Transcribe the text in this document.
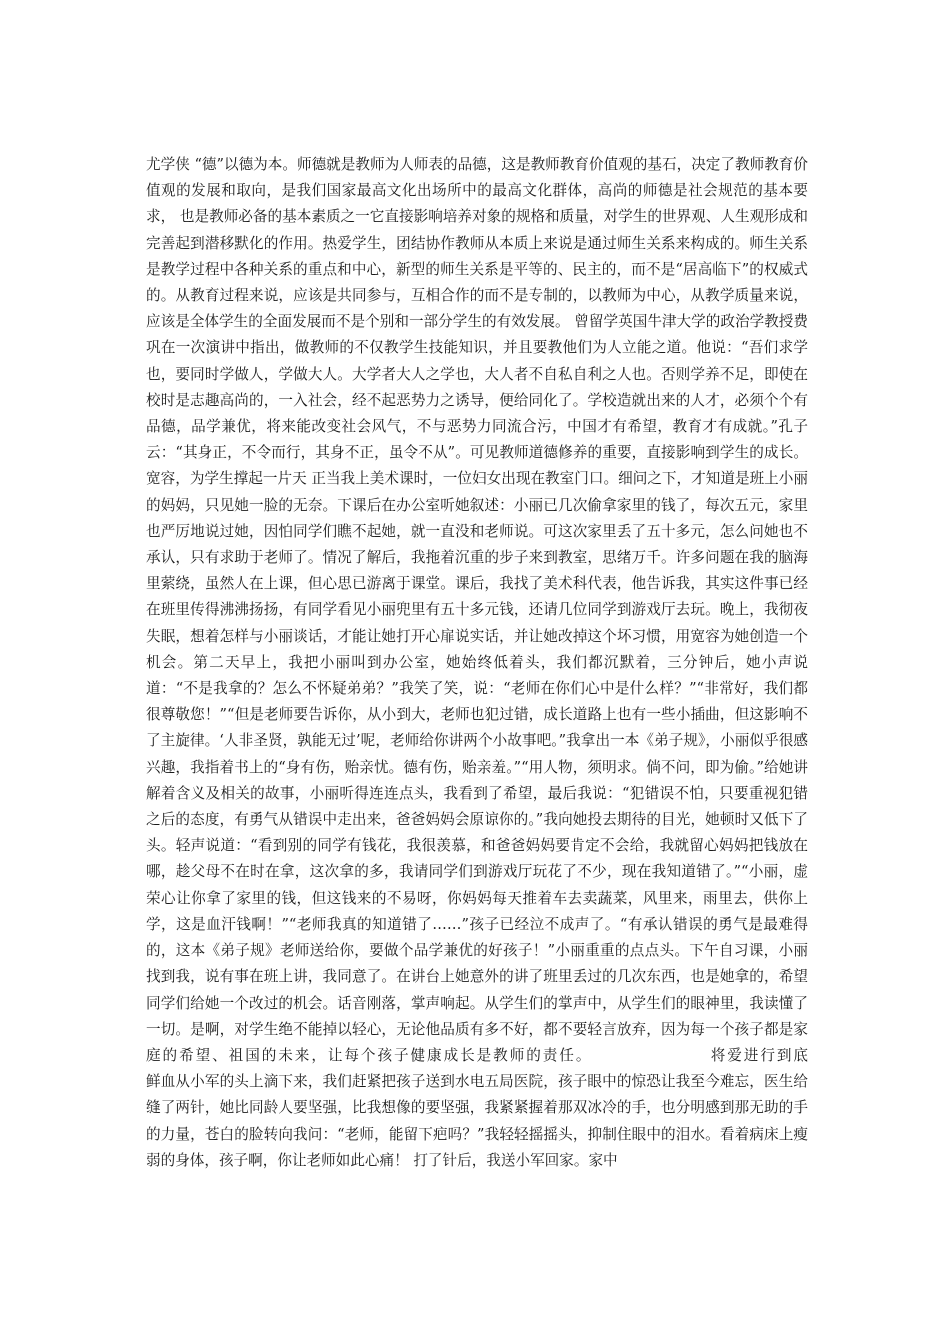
尤学侠 “德”以德为本。师德就是教师为人师表的品德，这是教师教育价值观的基石，决定了教师教育价值观的发展和取向，是我们国家最高文化出场所中的最高文化群体，高尚的师德是社会规范的基本要求， 也是教师必备的基本素质之一它直接影响培养对象的规格和质量，对学生的世界观、人生观形成和完善起到潜移默化的作用。热爱学生，团结协作教师从本质上来说是通过师生关系来构成的。师生关系是教学过程中各种关系的重点和中心，新型的师生关系是平等的、民主的，而不是“居高临下”的权威式的。从教育过程来说，应该是共同参与，互相合作的而不是专制的，以教师为中心，从教学质量来说，应该是全体学生的全面发展而不是个别和一部分学生的有效发展。 曾留学英国牛津大学的政治学教授费巩在一次演讲中指出，做教师的不仅教学生技能知识，并且要教他们为人立能之道。他说：“吾们求学也，要同时学做人，学做大人。大学者大人之学也，大人者不自私自利之人也。否则学养不足，即使在校时是志趣高尚的，一入社会，经不起恶势力之诱导，便给同化了。学校造就出来的人才，必须个个有品德，品学兼优，将来能改变社会风气，不与恶势力同流合污，中国才有希望，教育才有成就。”孔子云：“其身正，不令而行，其身不正，虽令不从”。可见教师道德修养的重要，直接影响到学生的成长。 宽容，为学生撑起一片天 正当我上美术课时，一位妇女出现在教室门口。细问之下，才知道是班上小丽的妈妈，只见她一脸的无奈。下课后在办公室听她叙述：小丽已几次偷拿家里的钱了，每次五元，家里也严厉地说过她，因怕同学们瞧不起她，就一直没和老师说。可这次家里丢了五十多元，怎么问她也不承认，只有求助于老师了。情况了解后，我拖着沉重的步子来到教室，思绪万千。许多问题在我的脑海里萦绕，虽然人在上课，但心思已游离于课堂。课后，我找了美术科代表，他告诉我，其实这件事已经在班里传得沸沸扬扬，有同学看见小丽兜里有五十多元钱，还请几位同学到游戏厅去玩。晚上，我彻夜失眠，想着怎样与小丽谈话，才能让她打开心扉说实话，并让她改掉这个坏习惯，用宽容为她创造一个机会。第二天早上，我把小丽叫到办公室，她始终低着头，我们都沉默着，三分钟后，她小声说道：“不是我拿的？怎么不怀疑弟弟？”我笑了笑，说：“老师在你们心中是什么样？”“非常好，我们都很尊敬您！”“但是老师要告诉你，从小到大，老师也犯过错，成长道路上也有一些小插曲，但这影响不了主旋律。‘人非圣贤，孰能无过’呢，老师给你讲两个小故事吧。”我拿出一本《弟子规》，小丽似乎很感兴趣，我指着书上的“身有伤，贻亲忧。德有伤，贻亲羞。”“用人物，须明求。倘不问，即为偷。”给她讲解着含义及相关的故事，小丽听得连连点头，我看到了希望，最后我说：“犯错误不怕，只要重视犯错之后的态度，有勇气从错误中走出来，爸爸妈妈会原谅你的。”我向她投去期待的目光，她顿时又低下了头。轻声说道：“看到别的同学有钱花，我很羡慕，和爸爸妈妈要肯定不会给，我就留心妈妈把钱放在哪，趁父母不在时在拿，这次拿的多，我请同学们到游戏厅玩花了不少，现在我知道错了。”“小丽，虚荣心让你拿了家里的钱，但这钱来的不易呀，你妈妈每天推着车去卖蔬菜，风里来，雨里去，供你上学，这是血汗钱啊！”“老师我真的知道错了……”孩子已经泣不成声了。“有承认错误的勇气是最难得的，这本《弟子规》老师送给你，要做个品学兼优的好孩子！”小丽重重的点点头。下午自习课，小丽找到我，说有事在班上讲，我同意了。在讲台上她意外的讲了班里丢过的几次东西，也是她拿的，希望同学们给她一个改过的机会。话音刚落，掌声响起。从学生们的掌声中，从学生们的眼神里，我读懂了一切。是啊，对学生绝不能掉以轻心，无论他品质有多不好，都不要轻言放弃，因为每一个孩子都是家庭的希望、祖国的未来，让每个孩子健康成长是教师的责任。                  将爱进行到底                  鲜血从小军的头上滴下来，我们赶紧把孩子送到水电五局医院，孩子眼中的惊恐让我至今难忘，医生给缝了两针，她比同龄人要坚强，比我想像的要坚强，我紧紧握着那双冰冷的手，也分明感到那无助的手的力量，苍白的脸转向我问：“老师，能留下疤吗？”我轻轻摇摇头，抑制住眼中的泪水。看着病床上瘦弱的身体，孩子啊，你让老师如此心痛！ 打了针后，我送小军回家。家中
